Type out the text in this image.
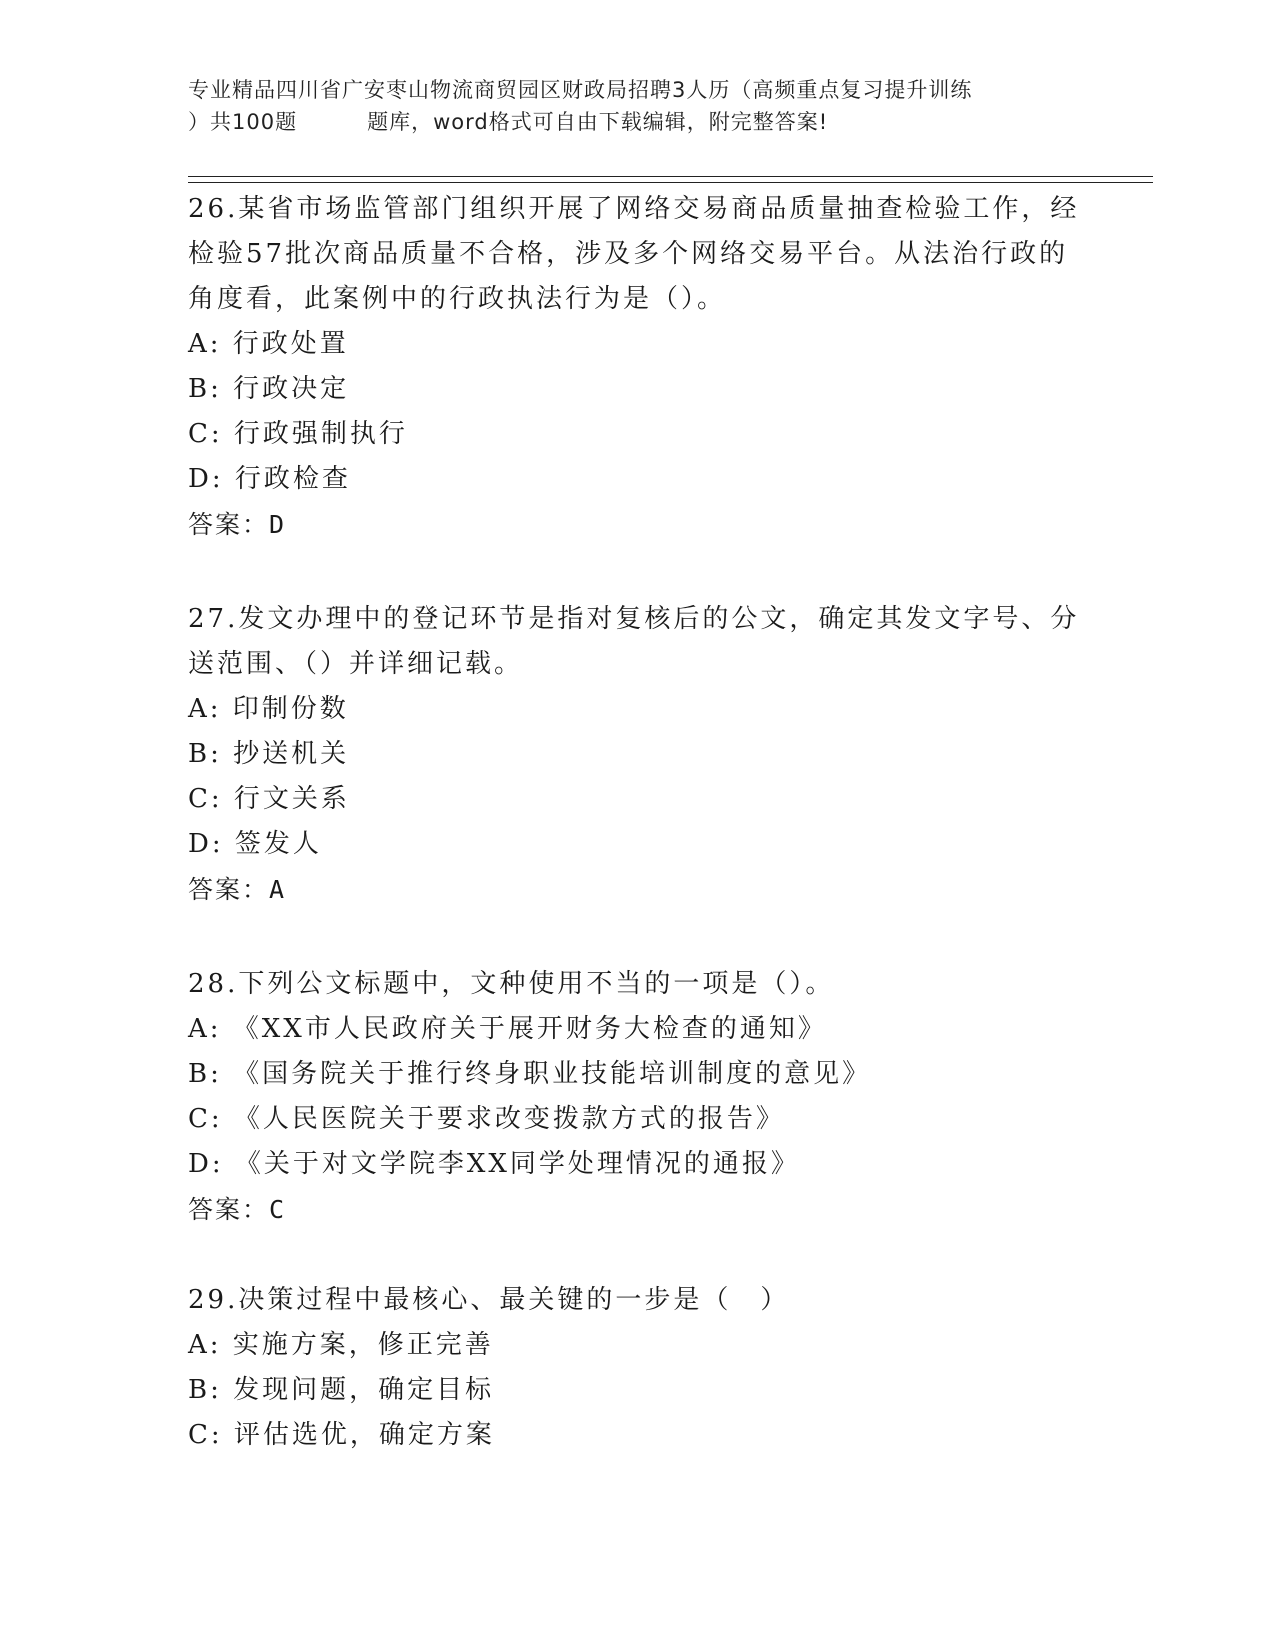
专业精品四川省广安枣山物流商贸园区财政局招聘3人历（高频重点复习提升训练
）共100题	题库，word格式可自由下载编辑，附完整答案!

26.某省市场监管部门组织开展了网络交易商品质量抽查检验工作，经检验57批次商品质量不合格，涉及多个网络交易平台。从法治行政的角度看，此案例中的行政执法行为是（）。

A: 行政处置

B: 行政决定

C: 行政强制执行

D: 行政检查

答案：D

27.发文办理中的登记环节是指对复核后的公文，确定其发文字号、分送范围、（）并详细记载。

A: 印制份数

B: 抄送机关

C: 行文关系

D: 签发人

答案：A

28.下列公文标题中，文种使用不当的一项是（）。

A: 《XX市人民政府关于展开财务大检查的通知》

B: 《国务院关于推行终身职业技能培训制度的意见》

C: 《人民医院关于要求改变拨款方式的报告》

D: 《关于对文学院李XX同学处理情况的通报》

答案：C

29.决策过程中最核心、最关键的一步是（　）

A: 实施方案，修正完善

B: 发现问题，确定目标

C: 评估选优，确定方案
